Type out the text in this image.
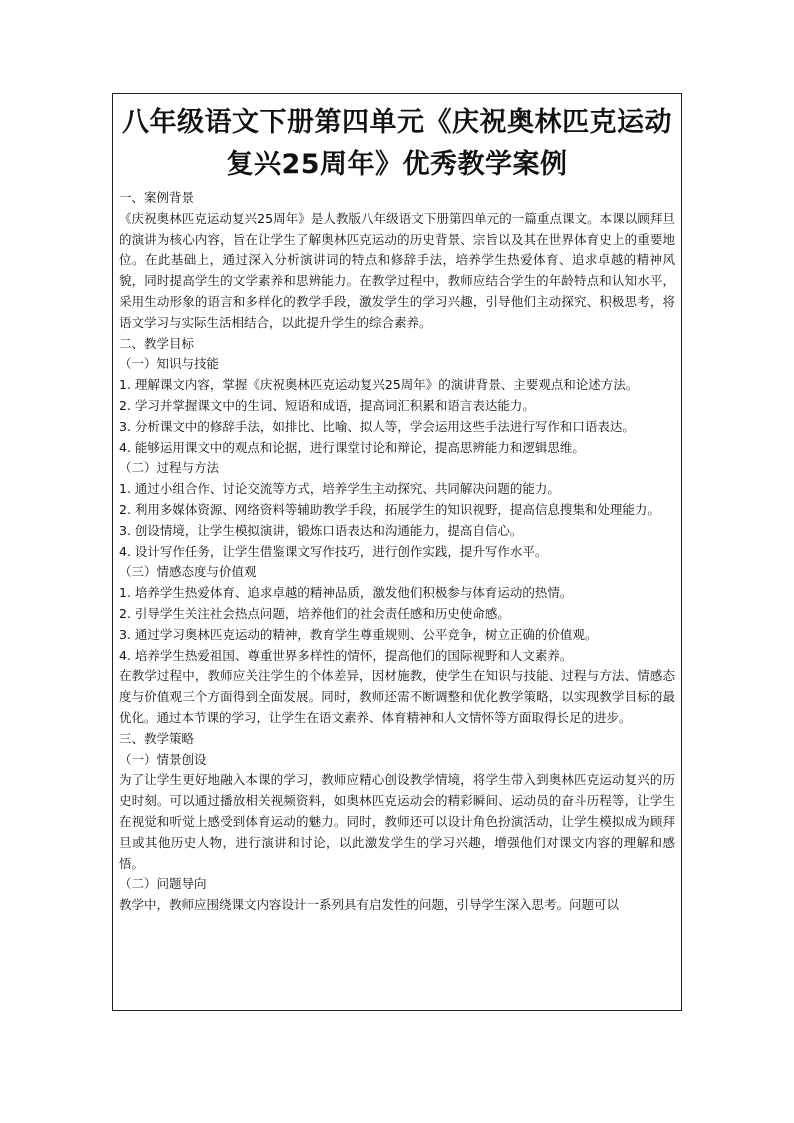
八年级语文下册第四单元《庆祝奥林匹克运动复兴25周年》优秀教学案例

一、案例背景

《庆祝奥林匹克运动复兴25周年》是人教版八年级语文下册第四单元的一篇重点课文。本课以顾拜旦的演讲为核心内容，旨在让学生了解奥林匹克运动的历史背景、宗旨以及其在世界体育史上的重要地位。在此基础上，通过深入分析演讲词的特点和修辞手法，培养学生热爱体育、追求卓越的精神风貌，同时提高学生的文学素养和思辨能力。在教学过程中，教师应结合学生的年龄特点和认知水平，采用生动形象的语言和多样化的教学手段，激发学生的学习兴趣，引导他们主动探究、积极思考，将语文学习与实际生活相结合，以此提升学生的综合素养。

二、教学目标

（一）知识与技能

1. 理解课文内容，掌握《庆祝奥林匹克运动复兴25周年》的演讲背景、主要观点和论述方法。

2. 学习并掌握课文中的生词、短语和成语，提高词汇积累和语言表达能力。

3. 分析课文中的修辞手法，如排比、比喻、拟人等，学会运用这些手法进行写作和口语表达。

4. 能够运用课文中的观点和论据，进行课堂讨论和辩论，提高思辨能力和逻辑思维。

（二）过程与方法

1. 通过小组合作、讨论交流等方式，培养学生主动探究、共同解决问题的能力。

2. 利用多媒体资源、网络资料等辅助教学手段，拓展学生的知识视野，提高信息搜集和处理能力。

3. 创设情境，让学生模拟演讲，锻炼口语表达和沟通能力，提高自信心。

4. 设计写作任务，让学生借鉴课文写作技巧，进行创作实践，提升写作水平。

（三）情感态度与价值观

1. 培养学生热爱体育、追求卓越的精神品质，激发他们积极参与体育运动的热情。

2. 引导学生关注社会热点问题，培养他们的社会责任感和历史使命感。

3. 通过学习奥林匹克运动的精神，教育学生尊重规则、公平竞争，树立正确的价值观。

4. 培养学生热爱祖国、尊重世界多样性的情怀，提高他们的国际视野和人文素养。

在教学过程中，教师应关注学生的个体差异，因材施教，使学生在知识与技能、过程与方法、情感态度与价值观三个方面得到全面发展。同时，教师还需不断调整和优化教学策略，以实现教学目标的最优化。通过本节课的学习，让学生在语文素养、体育精神和人文情怀等方面取得长足的进步。

三、教学策略

（一）情景创设

为了让学生更好地融入本课的学习，教师应精心创设教学情境，将学生带入到奥林匹克运动复兴的历史时刻。可以通过播放相关视频资料，如奥林匹克运动会的精彩瞬间、运动员的奋斗历程等，让学生在视觉和听觉上感受到体育运动的魅力。同时，教师还可以设计角色扮演活动，让学生模拟成为顾拜旦或其他历史人物，进行演讲和讨论，以此激发学生的学习兴趣，增强他们对课文内容的理解和感悟。

（二）问题导向

教学中，教师应围绕课文内容设计一系列具有启发性的问题，引导学生深入思考。问题可以
